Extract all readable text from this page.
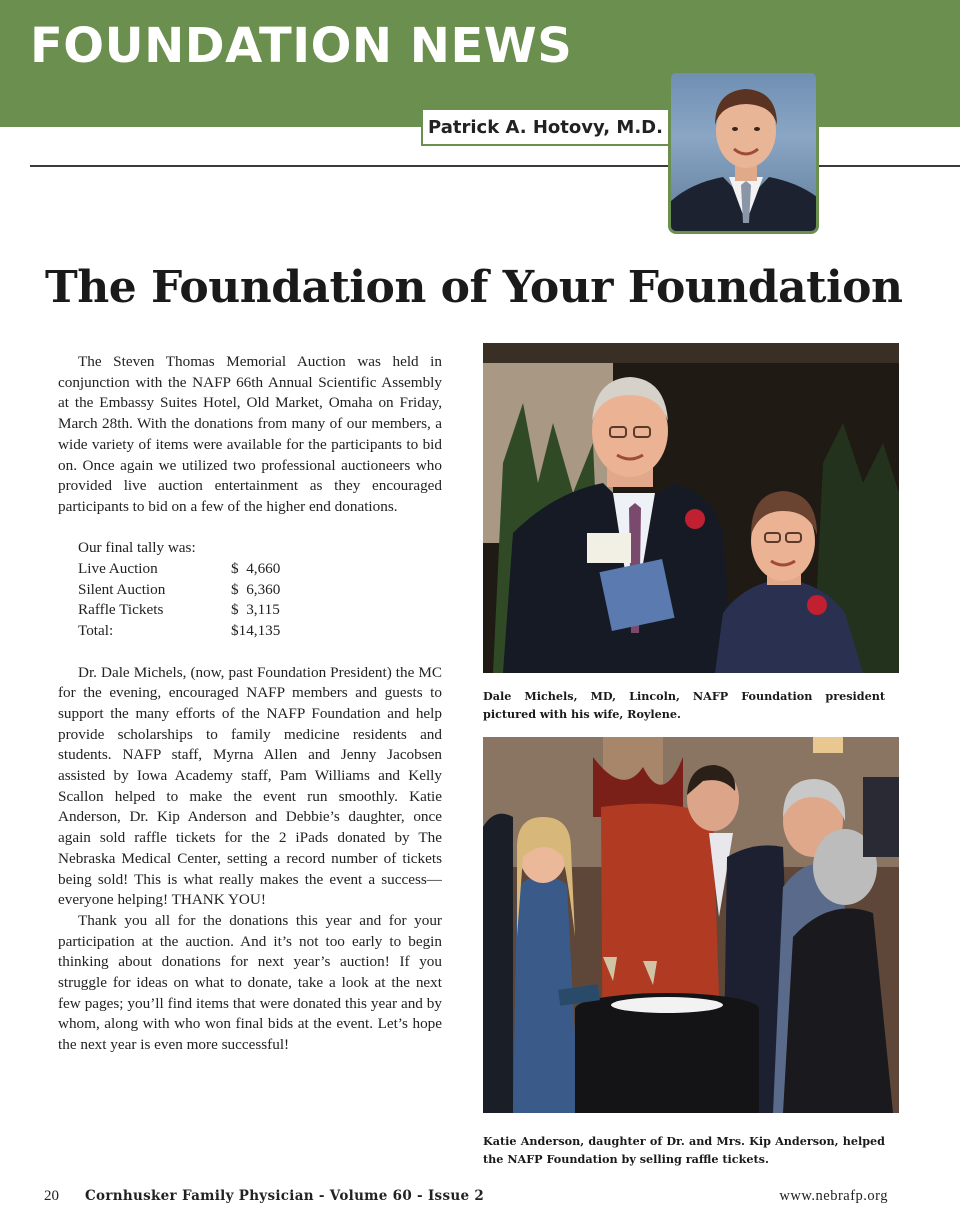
FOUNDATION NEWS
Patrick A. Hotovy, M.D.
The Foundation of Your Foundation

The Steven Thomas Memorial Auction was held in conjunction with the NAFP 66th Annual Scientific Assembly at the Embassy Suites Hotel, Old Market, Omaha on Friday, March 28th. With the donations from many of our members, a wide variety of items were available for the participants to bid on. Once again we utilized two professional auctioneers who provided live auction entertainment as they encouraged participants to bid on a few of the higher end donations.

Our final tally was:
Live Auction	$  4,660
Silent Auction	$  6,360
Raffle Tickets	$  3,115
Total:	$14,135

Dr. Dale Michels, (now, past Foundation President) the MC for the evening, encouraged NAFP members and guests to support the many efforts of the NAFP Foundation and help provide scholarships to family medicine residents and students. NAFP staff, Myrna Allen and Jenny Jacobsen assisted by Iowa Academy staff, Pam Williams and Kelly Scallon helped to make the event run smoothly. Katie Anderson, Dr. Kip Anderson and Debbie’s daughter, once again sold raffle tickets for the 2 iPads donated by The Nebraska Medical Center, setting a record number of tickets being sold! This is what really makes the event a success—everyone helping! THANK YOU!

Thank you all for the donations this year and for your participation at the auction. And it’s not too early to begin thinking about donations for next year’s auction! If you struggle for ideas on what to donate, take a look at the next few pages; you’ll find items that were donated this year and by whom, along with who won final bids at the event. Let’s hope the next year is even more successful!

Dale Michels, MD, Lincoln, NAFP Foundation president pictured with his wife, Roylene.
Katie Anderson, daughter of Dr. and Mrs. Kip Anderson, helped the NAFP Foundation by selling raffle tickets.
20 Cornhusker Family Physician - Volume 60 - Issue 2	www.nebrafp.org
